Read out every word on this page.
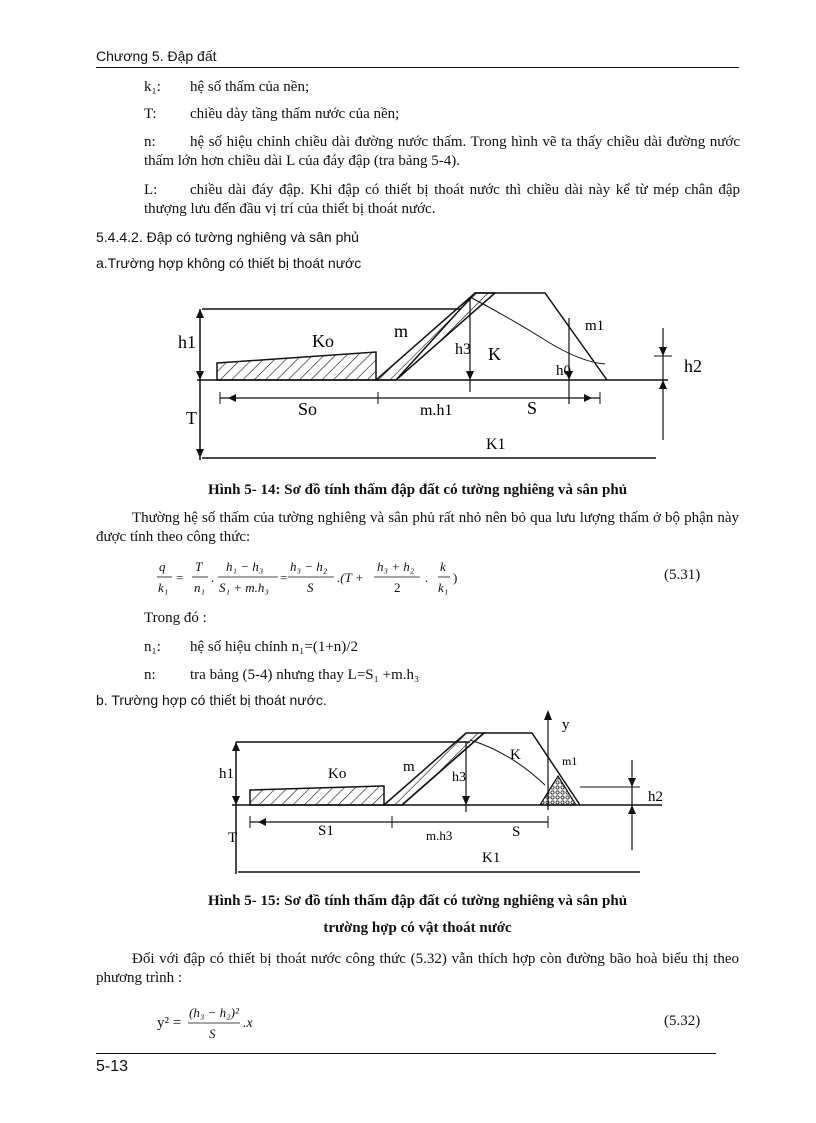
Chương 5. Đập đất
k₁: hệ số thấm của nền;
T: chiều dày tầng thấm nước của nền;
n:	hệ số hiệu chỉnh chiều dài đường nước thấm. Trong hình vẽ ta thấy chiều dài đường nước thấm lớn hơn chiều dài L của đáy đập (tra bảng 5-4).
L:	chiều dài đáy đập. Khi đập có thiết bị thoát nước thì chiều dài này kể từ mép chân đập thượng lưu đến đầu vị trí của thiết bị thoát nước.
5.4.4.2. Đập có tường nghiêng và sân phủ
a.Trường hợp không có thiết bị thoát nước
h1	Ko	m
h3 K
m1
h0	h2
T	So	m.h1	S
K1
Hình 5- 14: Sơ đồ tính thấm đập đất có tường nghiêng và sân phủ
Thường hệ số thấm của tường nghiêng và sân phủ rất nhỏ nên bỏ qua lưu lượng thấm ở bộ phận này được tính theo công thức:
q
k₁
=
T
n₁
.
h₁ − h₃
S₁ + m.h₃
=
h₃ − h₂
S
.(T +
h₃ + h₂
2
.
k
k₁
)	(5.31)
Trong đó :
n₁: hệ số hiệu chỉnh n₁=(1+n)/2
n: tra bảng (5-4) nhưng thay L=S₁ +m.h₃
b. Trường hợp có thiết bị thoát nước.
y
K
m	m1
h1	Ko	h3
h2
T	S1	m.h3	S
K1
Hình 5- 15: Sơ đồ tính thấm đập đất có tường nghiêng và sân phủ
trường hợp có vật thoát nước
Đối với đập có thiết bị thoát nước công thức (5.32) vẫn thích hợp còn đường bão hoà biểu thị theo phương trình :
y² =
(h₃ − h₂)²
S
.x	(5.32)
5-13
